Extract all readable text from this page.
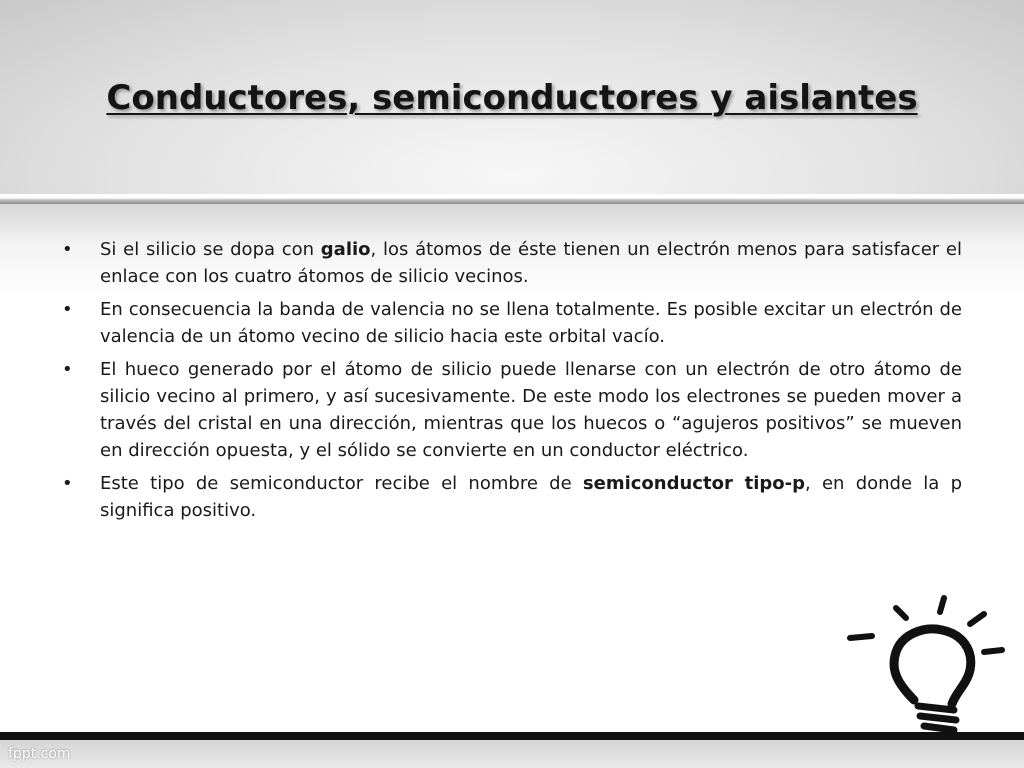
Conductores, semiconductores y aislantes
• Si el silicio se dopa con galio, los átomos de éste tienen un electrón menos para satisfacer el enlace con los cuatro átomos de silicio vecinos.
• En consecuencia la banda de valencia no se llena totalmente. Es posible excitar un electrón de valencia de un átomo vecino de silicio hacia este orbital vacío.
• El hueco generado por el átomo de silicio puede llenarse con un electrón de otro átomo de silicio vecino al primero, y así sucesivamente. De este modo los electrones se pueden mover a través del cristal en una dirección, mientras que los huecos o “agujeros positivos” se mueven en dirección opuesta, y el sólido se convierte en un conductor eléctrico.
• Este tipo de semiconductor recibe el nombre de semiconductor tipo-p, en donde la p significa positivo.
fppt.com
